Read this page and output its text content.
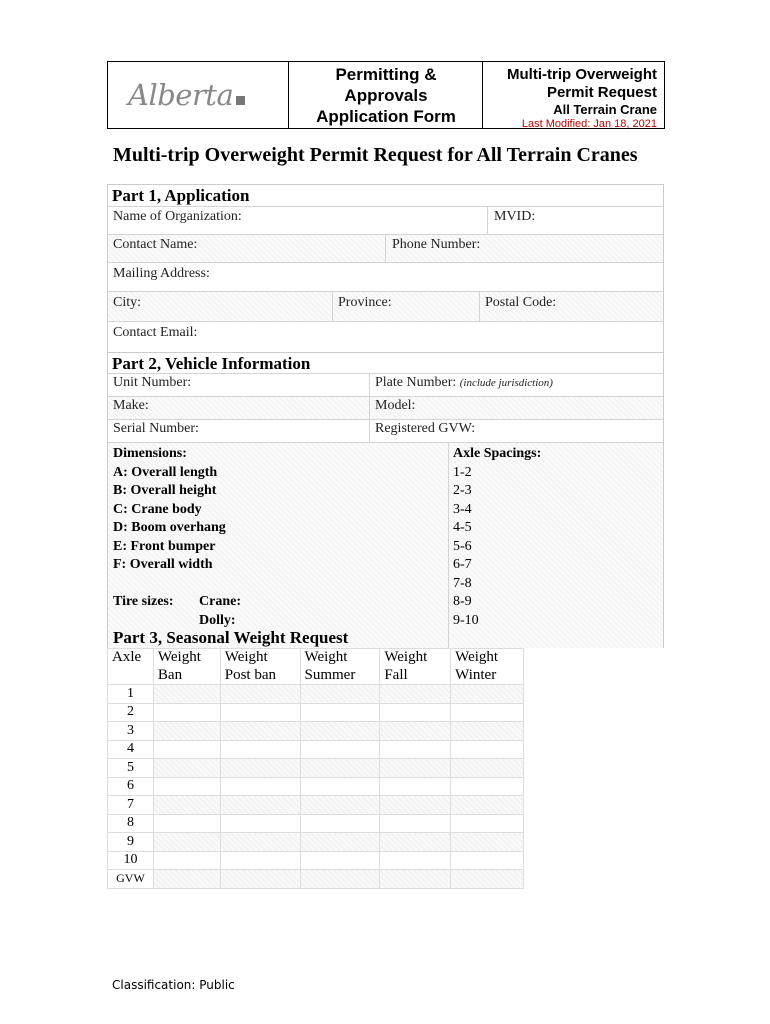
Alberta
Permitting &
Approvals
Application Form
Multi-trip Overweight
Permit Request
All Terrain Crane
Last Modified: Jan 18, 2021
Multi-trip Overweight Permit Request for All Terrain Cranes
Part 1, Application
Name of Organization:	MVID:
Contact Name:	Phone Number:
Mailing Address:
City:	Province:	Postal Code:
Contact Email:
Part 2, Vehicle Information
Unit Number:	Plate Number: (include jurisdiction)
Make:	Model:
Serial Number:	Registered GVW:
Dimensions:
A: Overall length
B: Overall height
C: Crane body
D: Boom overhang
E: Front bumper
F: Overall width
Tire sizes: Crane:
Dolly:
Axle Spacings:
1-2
2-3
3-4
4-5
5-6
6-7
7-8
8-9
9-10
Part 3, Seasonal Weight Request
Axle	Weight	Weight	Weight	Weight	Weight
	Ban	Post ban	Summer	Fall	Winter
1					
2					
3					
4					
5					
6					
7					
8					
9					
10					
GVW					
Classification: Public
